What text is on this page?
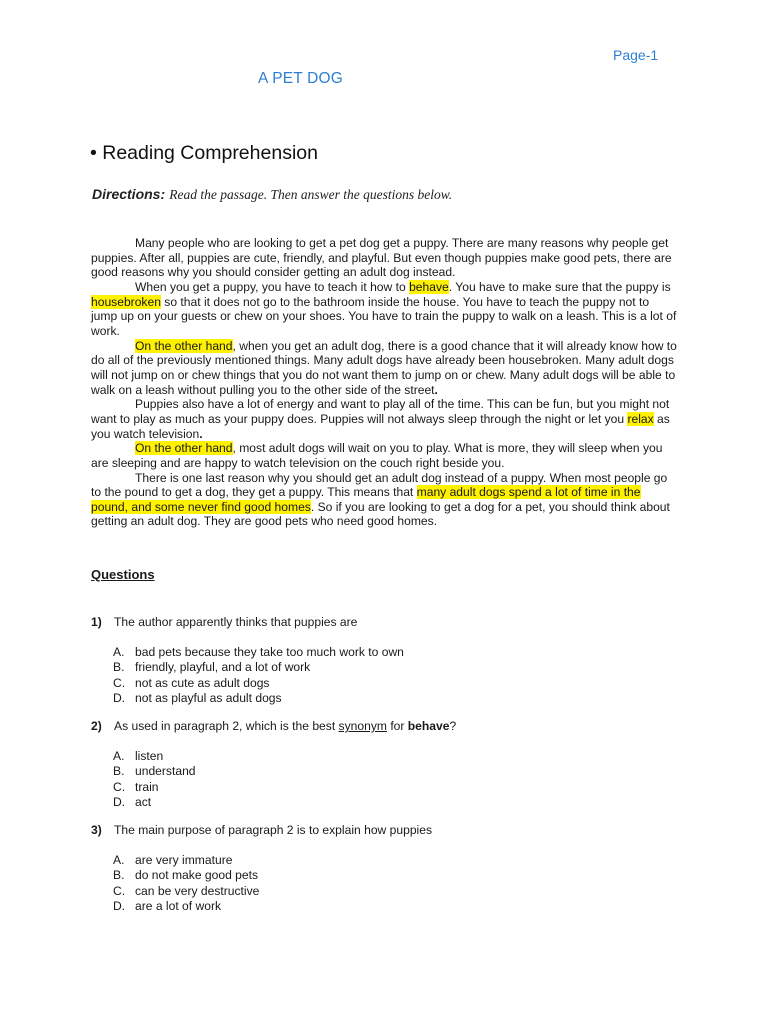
Page-1
A PET DOG
• Reading Comprehension
Directions: Read the passage. Then answer the questions below.

Many people who are looking to get a pet dog get a puppy. There are many reasons why people get puppies. After all, puppies are cute, friendly, and playful. But even though puppies make good pets, there are good reasons why you should consider getting an adult dog instead.

When you get a puppy, you have to teach it how to behave. You have to make sure that the puppy is housebroken so that it does not go to the bathroom inside the house. You have to teach the puppy not to jump up on your guests or chew on your shoes. You have to train the puppy to walk on a leash. This is a lot of work.

On the other hand, when you get an adult dog, there is a good chance that it will already know how to do all of the previously mentioned things. Many adult dogs have already been housebroken. Many adult dogs will not jump on or chew things that you do not want them to jump on or chew. Many adult dogs will be able to walk on a leash without pulling you to the other side of the street.

Puppies also have a lot of energy and want to play all of the time. This can be fun, but you might not want to play as much as your puppy does. Puppies will not always sleep through the night or let you relax as you watch television.

On the other hand, most adult dogs will wait on you to play. What is more, they will sleep when you are sleeping and are happy to watch television on the couch right beside you.

There is one last reason why you should get an adult dog instead of a puppy. When most people go to the pound to get a dog, they get a puppy. This means that many adult dogs spend a lot of time in the pound, and some never find good homes. So if you are looking to get a dog for a pet, you should think about getting an adult dog. They are good pets who need good homes.

Questions
1) The author apparently thinks that puppies are
A. bad pets because they take too much work to own
B. friendly, playful, and a lot of work
C. not as cute as adult dogs
D. not as playful as adult dogs
2) As used in paragraph 2, which is the best synonym for behave?
A. listen
B. understand
C. train
D. act
3) The main purpose of paragraph 2 is to explain how puppies
A. are very immature
B. do not make good pets
C. can be very destructive
D. are a lot of work
